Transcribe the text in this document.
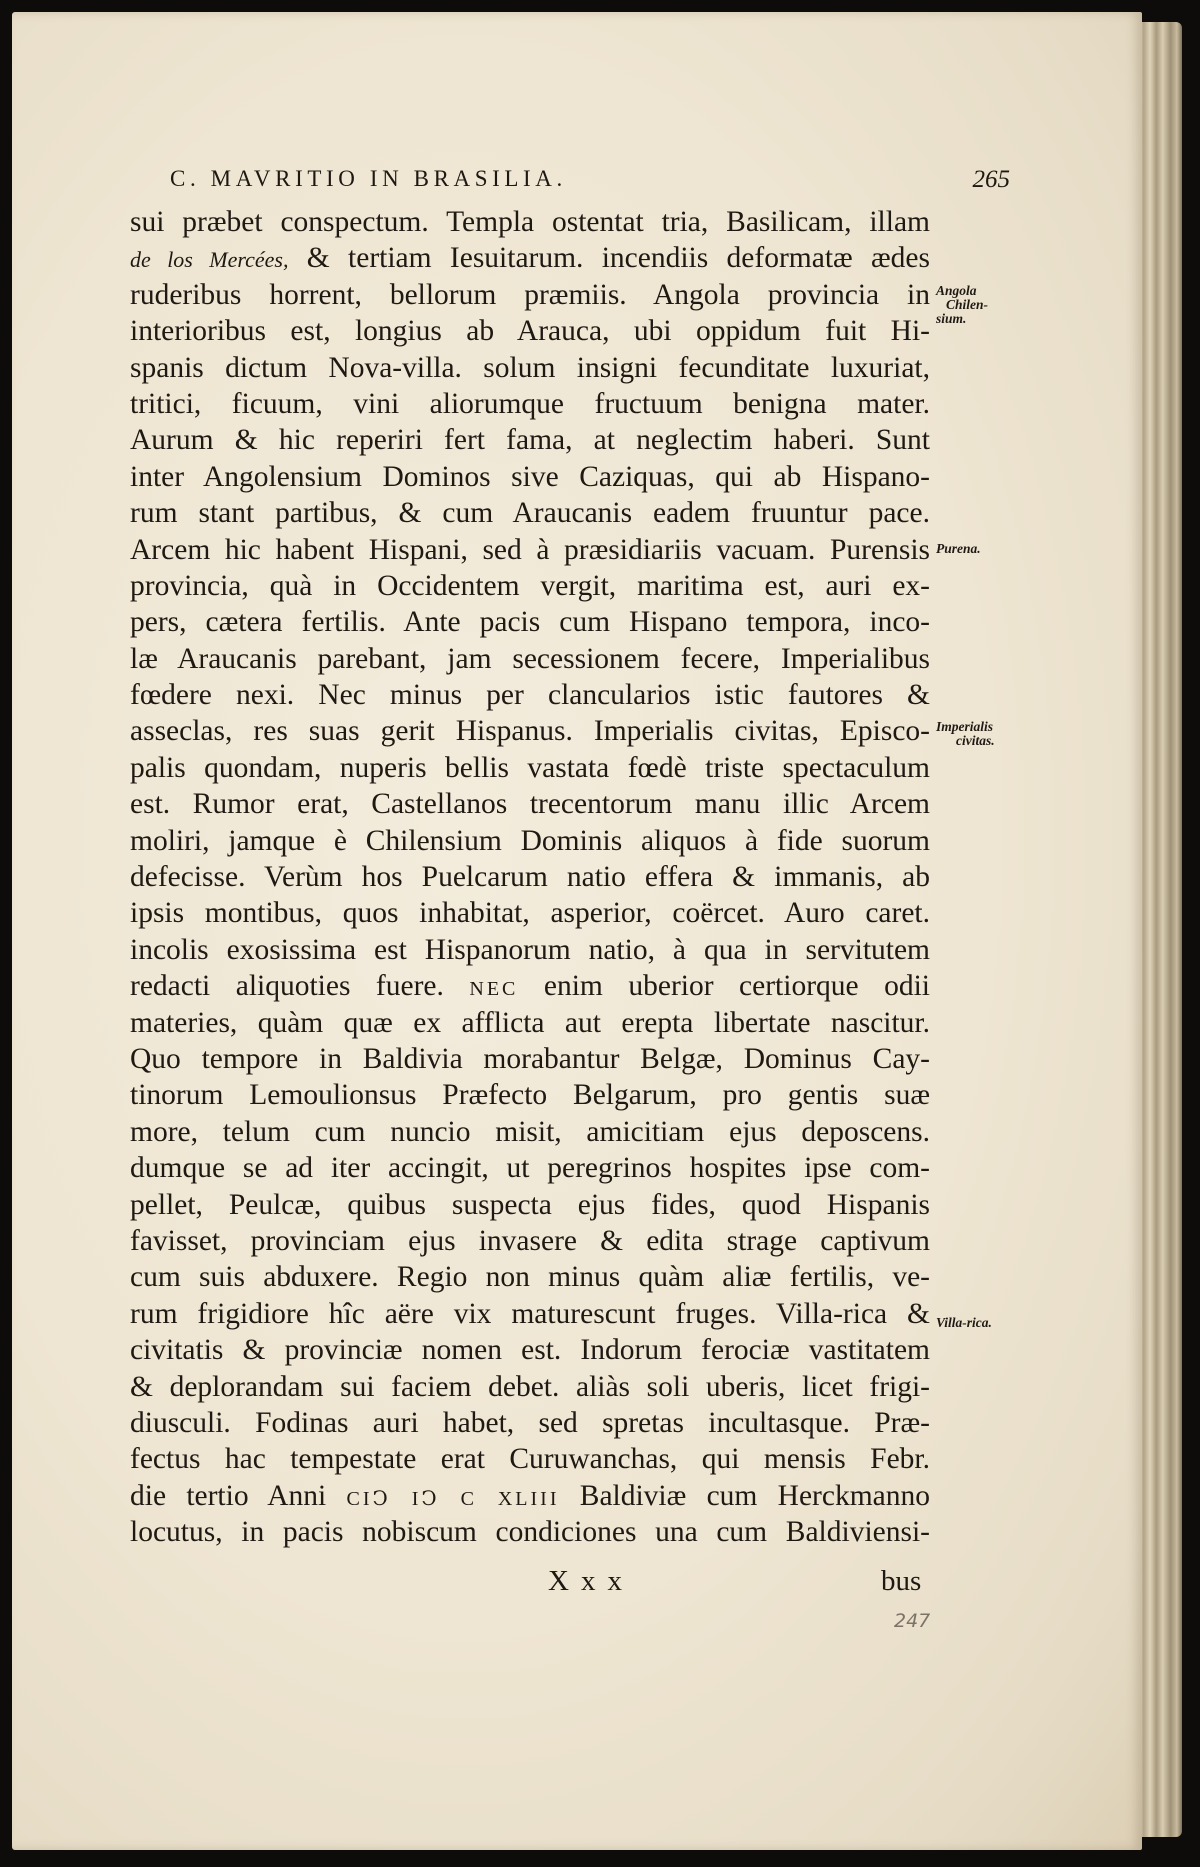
C. MAVRITIO IN BRASILIA.	265
sui præbet conspectum. Templa ostentat tria, Basilicam, illam
de los Mercées, & tertiam Iesuitarum. incendiis deformatæ ædes
ruderibus horrent, bellorum præmiis. Angola provincia in
interioribus est, longius ab Arauca, ubi oppidum fuit Hi-
spanis dictum Nova-villa. solum insigni fecunditate luxuriat,
tritici, ficuum, vini aliorumque fructuum benigna mater.
Aurum & hic reperiri fert fama, at neglectim haberi. Sunt
inter Angolensium Dominos sive Caziquas, qui ab Hispano-
rum stant partibus, & cum Araucanis eadem fruuntur pace.
Arcem hic habent Hispani, sed à præsidiariis vacuam. Purensis
provincia, quà in Occidentem vergit, maritima est, auri ex-
pers, cætera fertilis. Ante pacis cum Hispano tempora, inco-
læ Araucanis parebant, jam secessionem fecere, Imperialibus
fœdere nexi. Nec minus per clancularios istic fautores &
asseclas, res suas gerit Hispanus. Imperialis civitas, Episco-
palis quondam, nuperis bellis vastata fœdè triste spectaculum
est. Rumor erat, Castellanos trecentorum manu illic Arcem
moliri, jamque è Chilensium Dominis aliquos à fide suorum
defecisse. Verùm hos Puelcarum natio effera & immanis, ab
ipsis montibus, quos inhabitat, asperior, coërcet. Auro caret.
incolis exosissima est Hispanorum natio, à qua in servitutem
redacti aliquoties fuere. NEC enim uberior certiorque odii
materies, quàm quæ ex afflicta aut erepta libertate nascitur.
Quo tempore in Baldivia morabantur Belgæ, Dominus Cay-
tinorum Lemoulionsus Præfecto Belgarum, pro gentis suæ
more, telum cum nuncio misit, amicitiam ejus deposcens.
dumque se ad iter accingit, ut peregrinos hospites ipse com-
pellet, Peulcæ, quibus suspecta ejus fides, quod Hispanis
favisset, provinciam ejus invasere & edita strage captivum
cum suis abduxere. Regio non minus quàm aliæ fertilis, ve-
rum frigidiore hîc aëre vix maturescunt fruges. Villa-rica &
civitatis & provinciæ nomen est. Indorum ferociæ vastitatem
& deplorandam sui faciem debet. aliàs soli uberis, licet frigi-
diusculi. Fodinas auri habet, sed spretas incultasque. Præ-
fectus hac tempestate erat Curuwanchas, qui mensis Febr.
die tertio Anni CIↃ IↃ C XLIII Baldiviæ cum Herckmanno
locutus, in pacis nobiscum condiciones una cum Baldiviensi-
Angola
Chilen-
sium.
Purena.
Imperialis
civitas.
Villa-rica.
Xxx	bus
247
